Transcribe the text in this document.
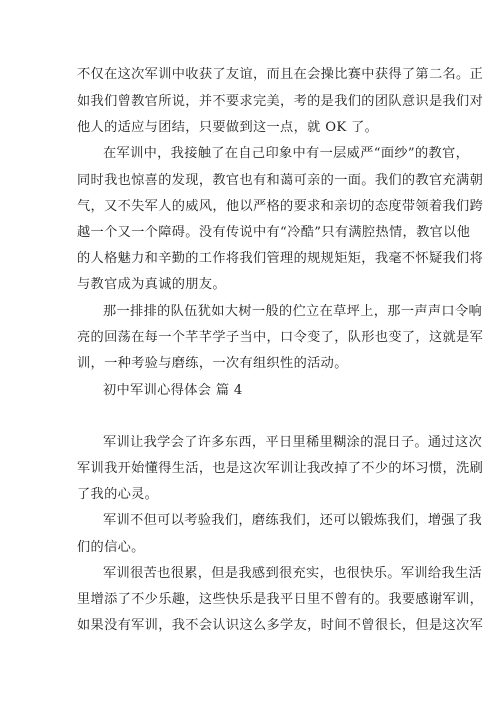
不仅在这次军训中收获了友谊，而且在会操比赛中获得了第二名。正
如我们曾教官所说，并不要求完美，考的是我们的团队意识是我们对
他人的适应与团结，只要做到这一点，就 OK 了。
在军训中，我接触了在自己印象中有一层威严“面纱”的教官，
同时我也惊喜的发现，教官也有和蔼可亲的一面。我们的教官充满朝
气，又不失军人的威风，他以严格的要求和亲切的态度带领着我们跨
越一个又一个障碍。没有传说中有“冷酷”只有满腔热情，教官以他
的人格魅力和辛勤的工作将我们管理的规规矩矩，我毫不怀疑我们将
与教官成为真诚的朋友。
那一排排的队伍犹如大树一般的伫立在草坪上，那一声声口令响
亮的回荡在每一个芊芊学子当中，口令变了，队形也变了，这就是军
训，一种考验与磨练，一次有组织性的活动。
初中军训心得体会 篇 4
军训让我学会了许多东西，平日里稀里糊涂的混日子。通过这次
军训我开始懂得生活，也是这次军训让我改掉了不少的坏习惯，洗刷
了我的心灵。
军训不但可以考验我们，磨练我们，还可以锻炼我们，增强了我
们的信心。
军训很苦也很累，但是我感到很充实，也很快乐。军训给我生活
里增添了不少乐趣，这些快乐是我平日里不曾有的。我要感谢军训，
如果没有军训，我不会认识这么多学友，时间不曾很长，但是这次军
